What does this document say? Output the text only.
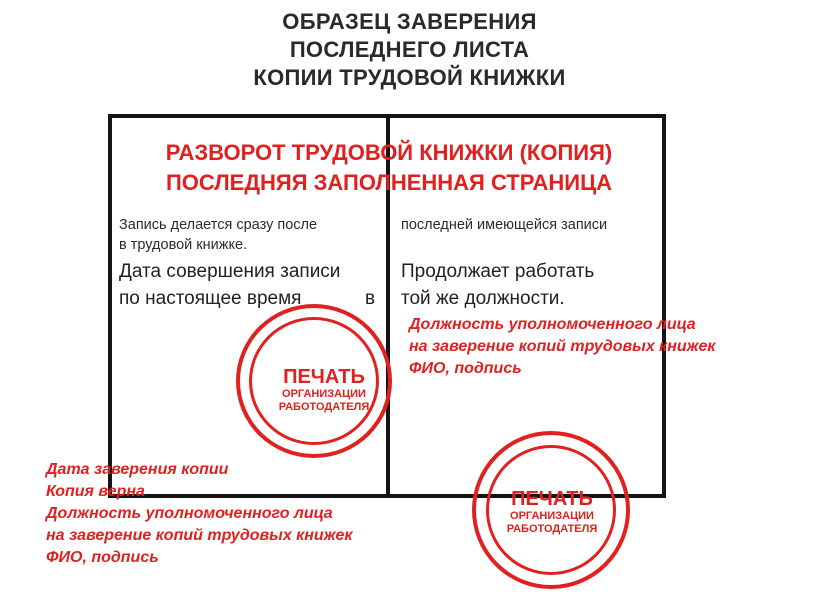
ОБРАЗЕЦ ЗАВЕРЕНИЯ
ПОСЛЕДНЕГО ЛИСТА
КОПИИ ТРУДОВОЙ КНИЖКИ
РАЗВОРОТ ТРУДОВОЙ КНИЖКИ (КОПИЯ)
ПОСЛЕДНЯЯ ЗАПОЛНЕННАЯ СТРАНИЦА
Запись делается сразу после
в трудовой книжке.
последней имеющейся записи
Дата совершения записи
по настоящее время	в
Продолжает работать
той же должности.
ПЕЧАТЬ
ОРГАНИЗАЦИИ
РАБОТОДАТЕЛЯ
Должность уполномоченного лица
на заверение копий трудовых книжек
ФИО, подпись
Дата заверения копии
Копия верна
Должность уполномоченного лица
на заверение копий трудовых книжек
ФИО, подпись
ПЕЧАТЬ
ОРГАНИЗАЦИИ
РАБОТОДАТЕЛЯ
